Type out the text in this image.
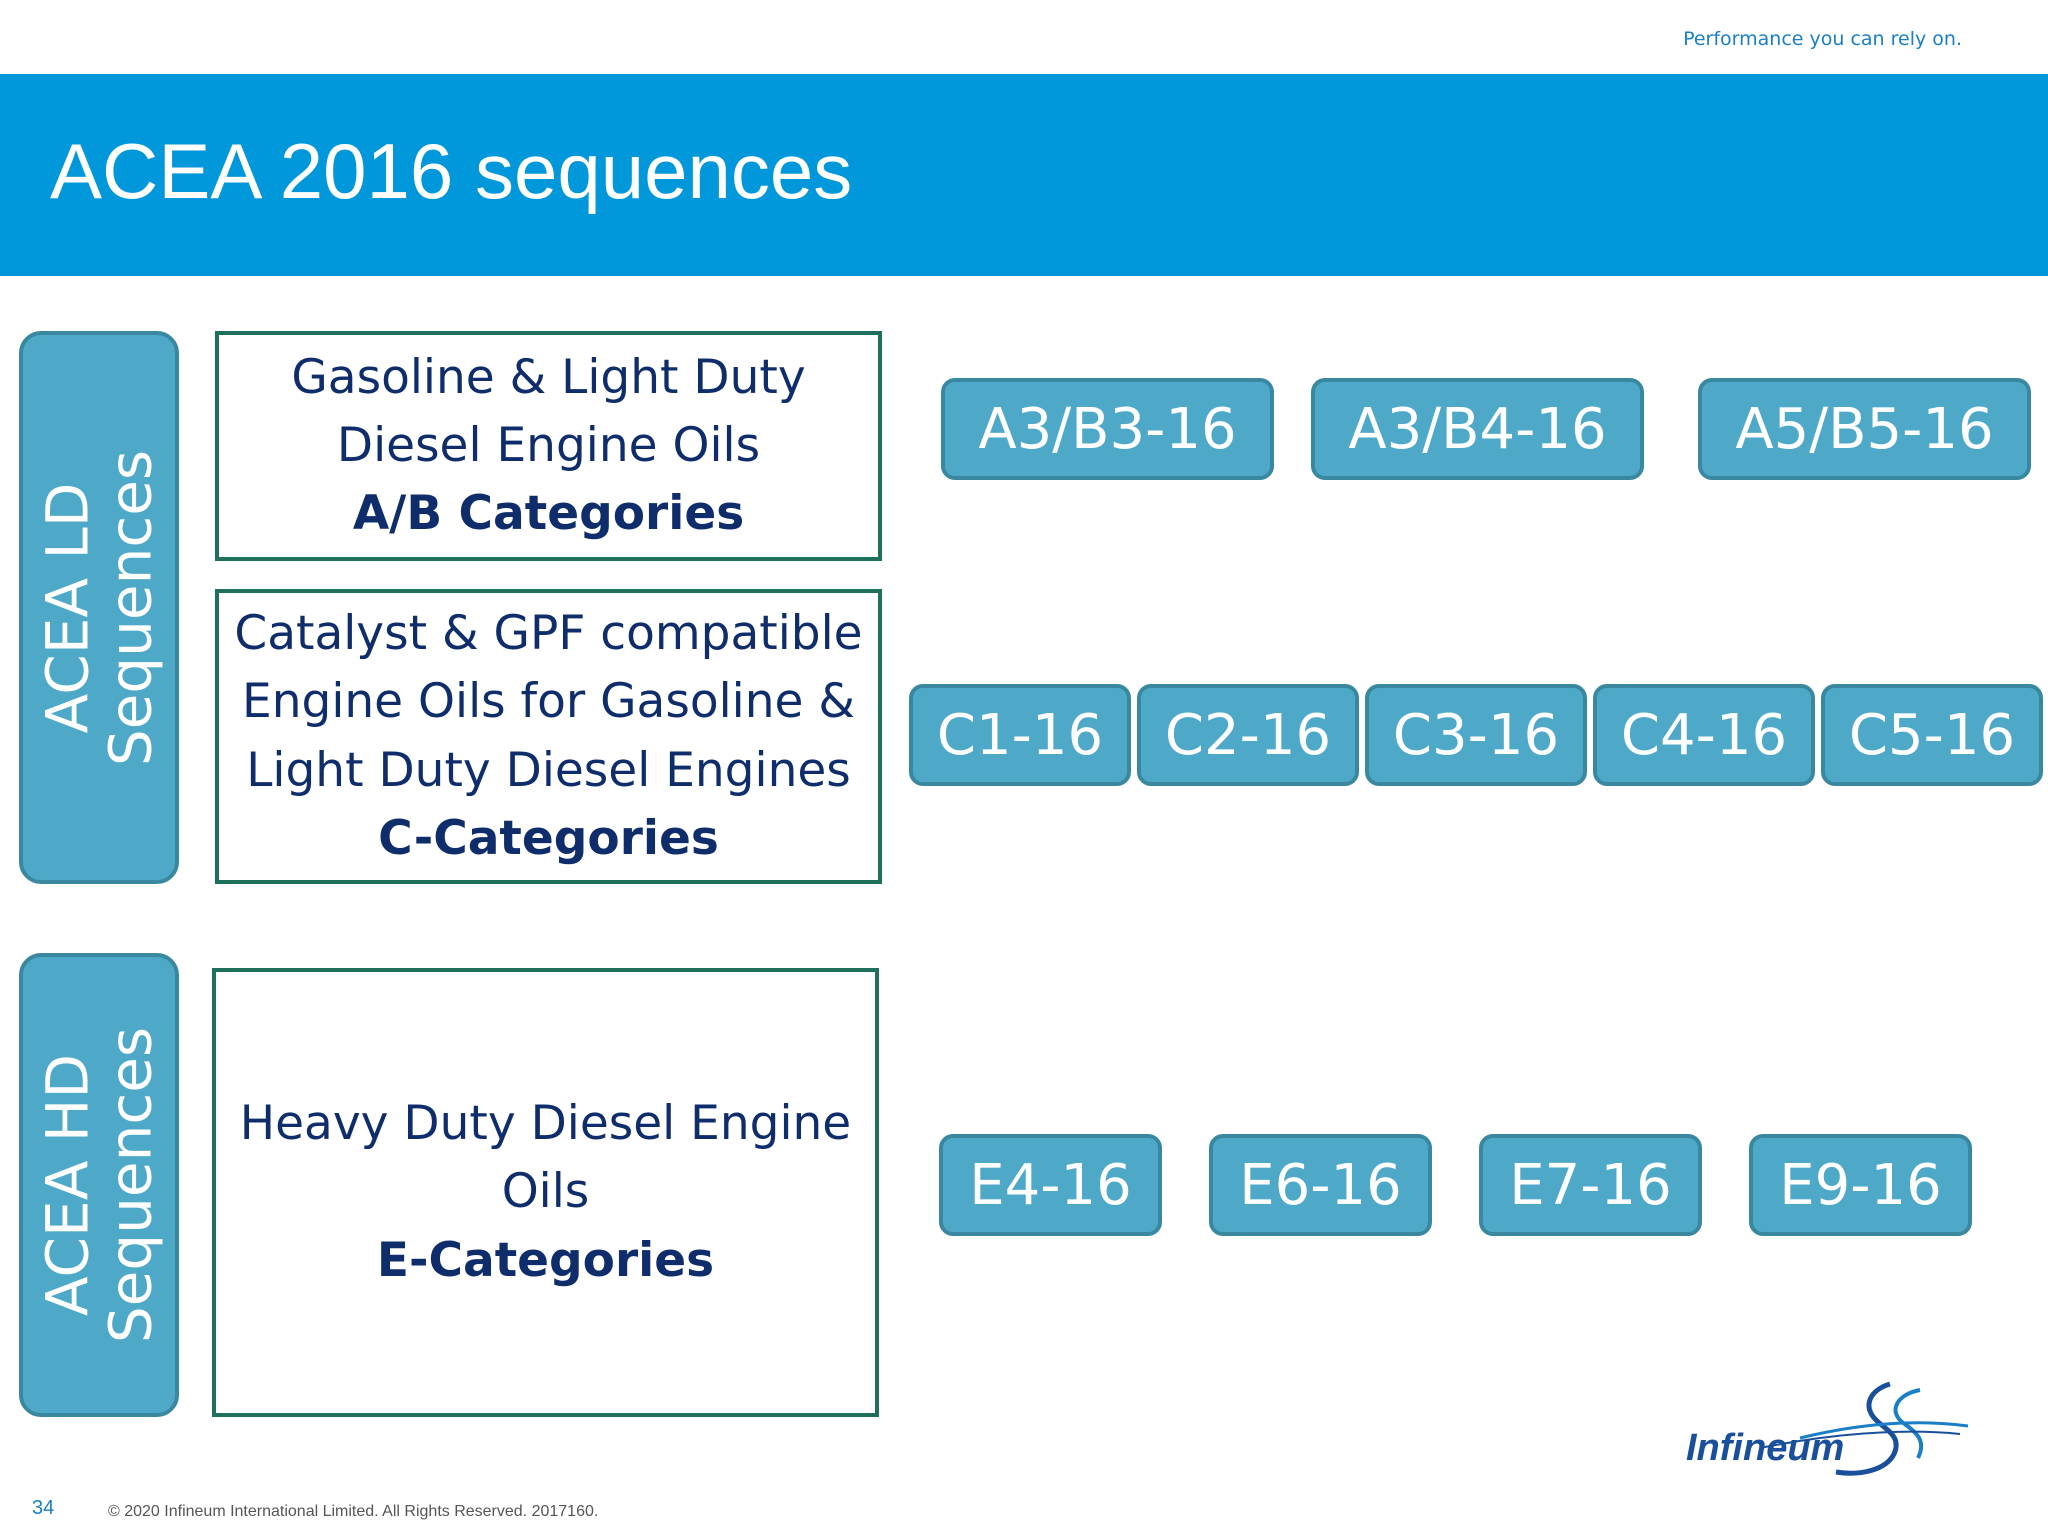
Performance you can rely on.
ACEA 2016 sequences
ACEA LD
Sequences
Gasoline & Light Duty
Diesel Engine Oils
A/B Categories
Catalyst & GPF compatible
Engine Oils for Gasoline &
Light Duty Diesel Engines
C-Categories
A3/B3-16	A3/B4-16	A5/B5-16
C1-16	C2-16	C3-16	C4-16	C5-16
ACEA HD
Sequences Heavy Duty Diesel Engine
Oils
E-Categories
E4-16	E6-16	E7-16	E9-16
Infineum
34	© 2020 Infineum International Limited. All Rights Reserved. 2017160.
